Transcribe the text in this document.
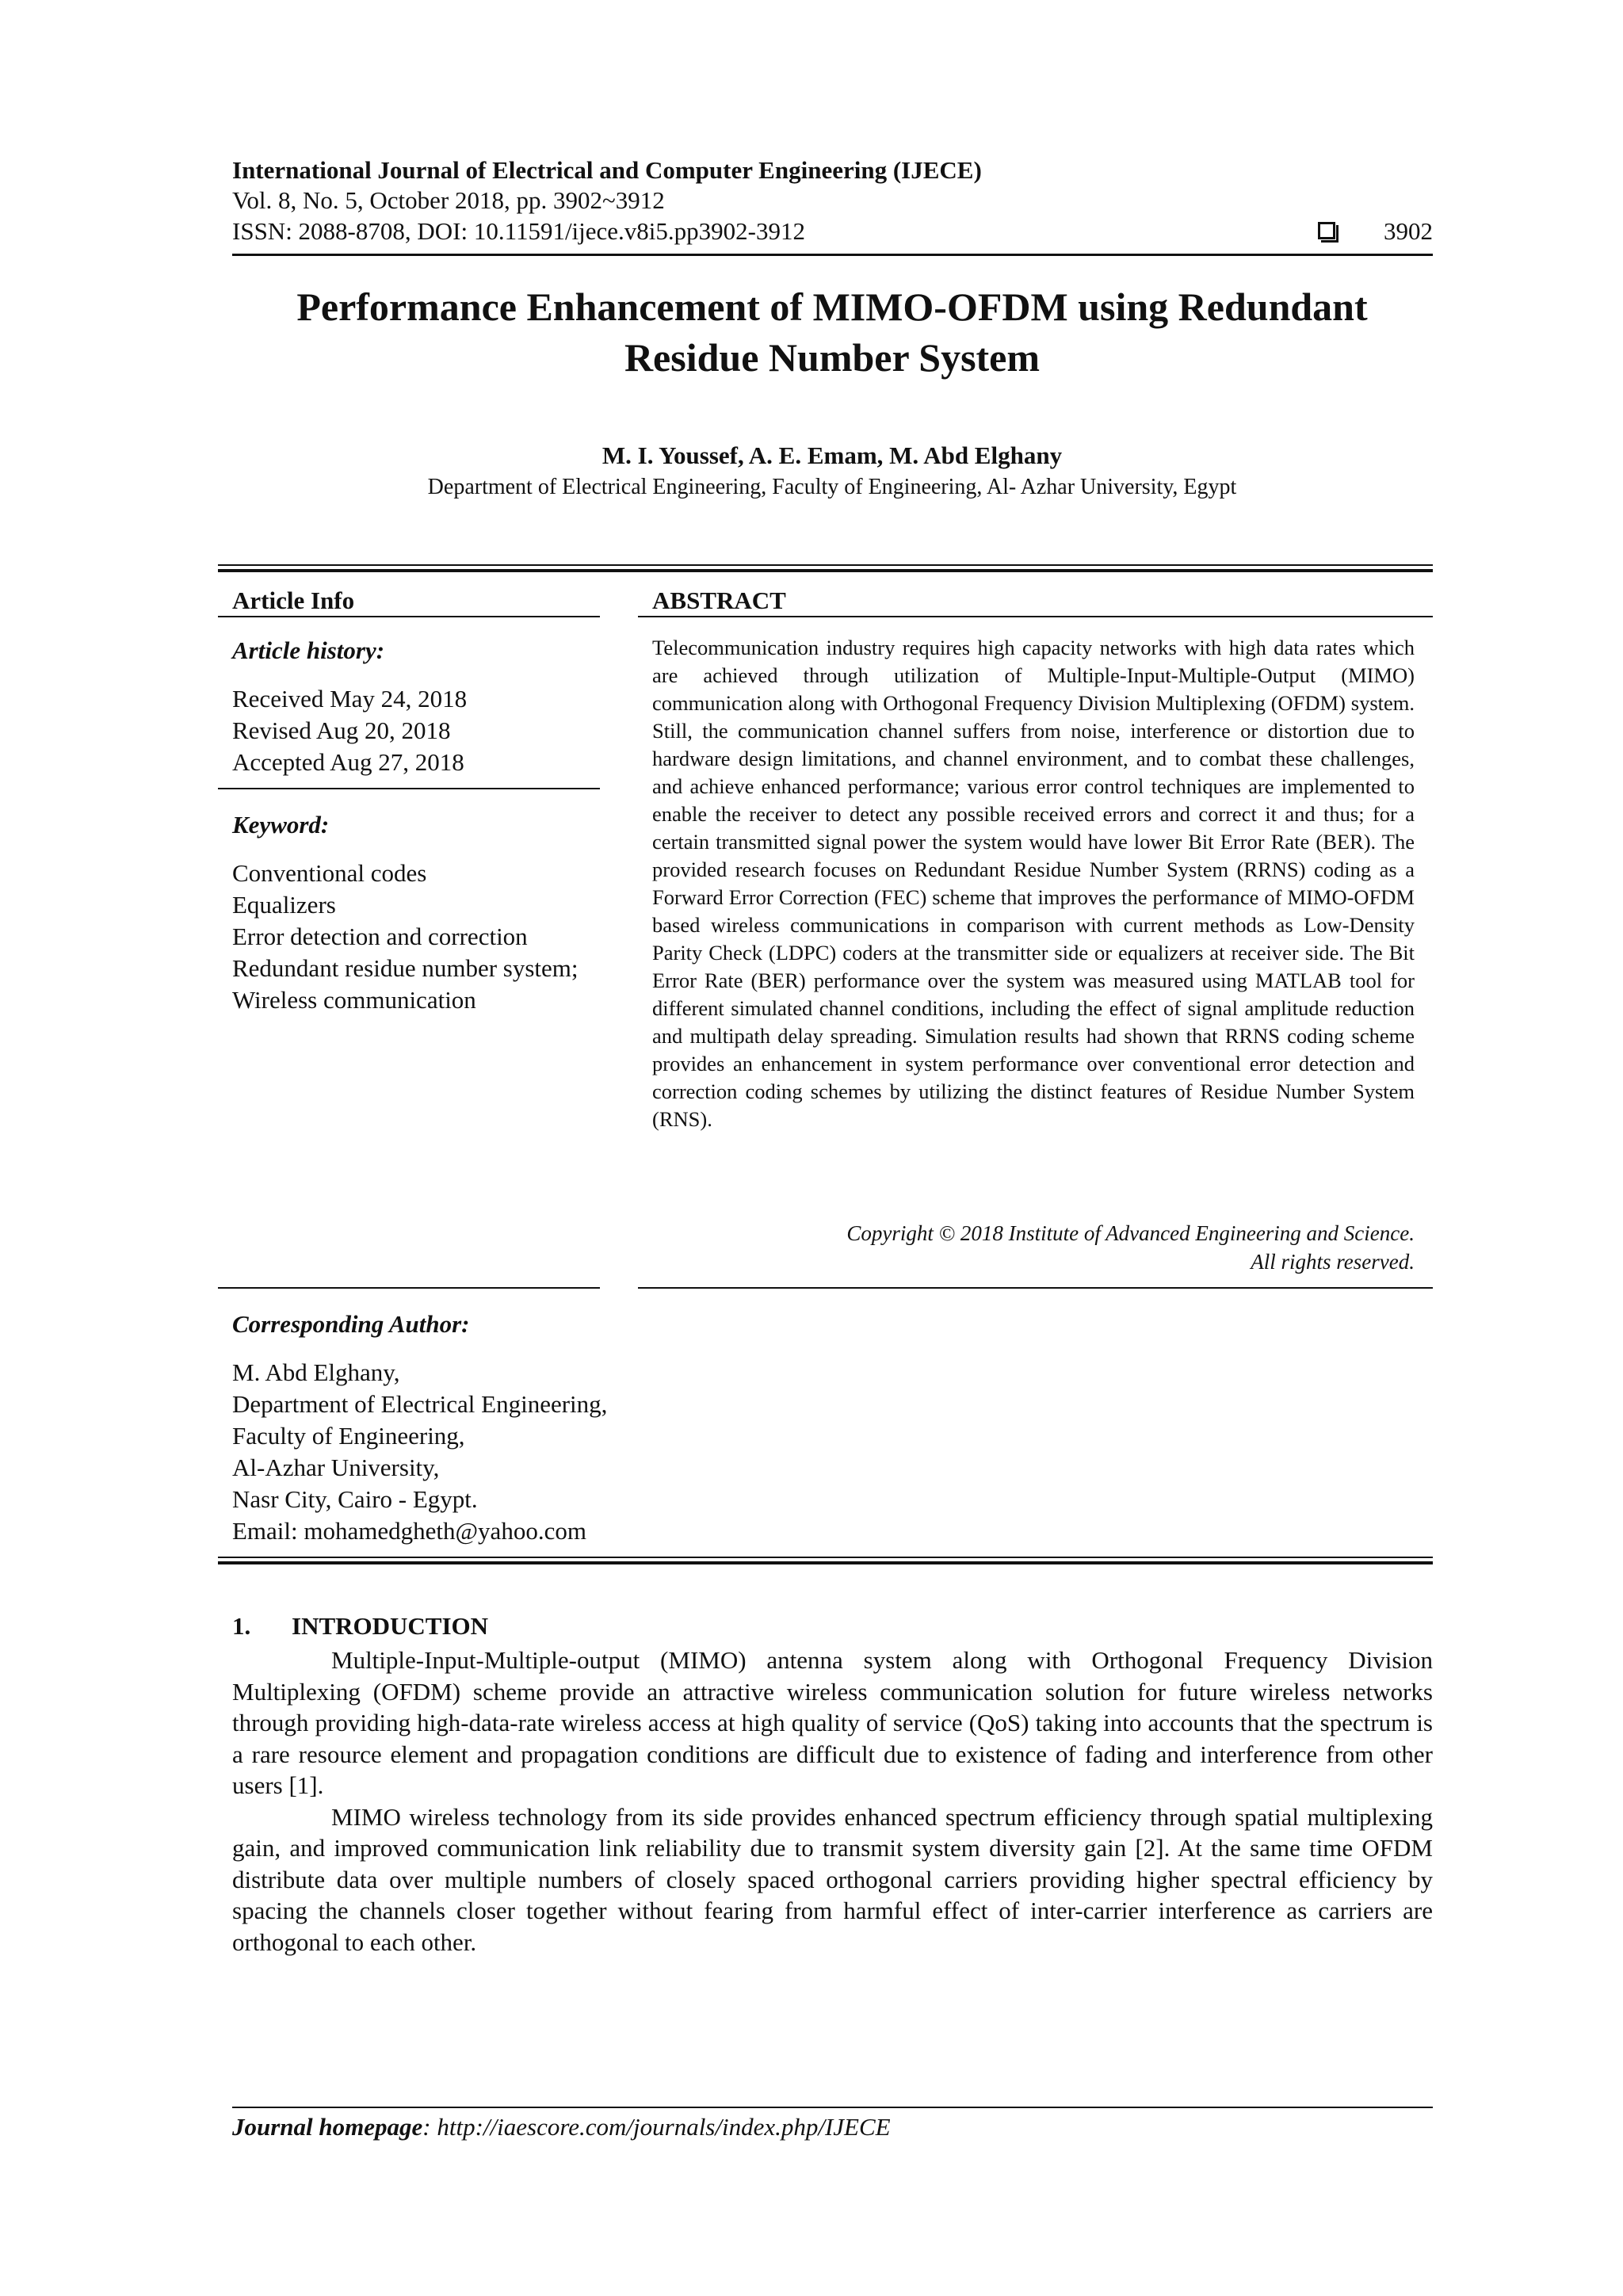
International Journal of Electrical and Computer Engineering (IJECE)
Vol. 8, No. 5, October 2018, pp. 3902~3912
ISSN: 2088-8708, DOI: 10.11591/ijece.v8i5.pp3902-3912	3902
Performance Enhancement of MIMO-OFDM using Redundant
Residue Number System
M. I. Youssef, A. E. Emam, M. Abd Elghany
Department of Electrical Engineering, Faculty of Engineering, Al- Azhar University, Egypt
Article Info
Article history:
Received May 24, 2018
Revised Aug 20, 2018
Accepted Aug 27, 2018
Keyword:
Conventional codes
Equalizers
Error detection and correction
Redundant residue number system;
Wireless communication
ABSTRACT
Telecommunication industry requires high capacity networks with high data rates which are achieved through utilization of Multiple-Input-Multiple-Output (MIMO) communication along with Orthogonal Frequency Division Multiplexing (OFDM) system. Still, the communication channel suffers from noise, interference or distortion due to hardware design limitations, and channel environment, and to combat these challenges, and achieve enhanced performance; various error control techniques are implemented to enable the receiver to detect any possible received errors and correct it and thus; for a certain transmitted signal power the system would have lower Bit Error Rate (BER). The provided research focuses on Redundant Residue Number System (RRNS) coding as a Forward Error Correction (FEC) scheme that improves the performance of MIMO-OFDM based wireless communications in comparison with current methods as Low-Density Parity Check (LDPC) coders at the transmitter side or equalizers at receiver side. The Bit Error Rate (BER) performance over the system was measured using MATLAB tool for different simulated channel conditions, including the effect of signal amplitude reduction and multipath delay spreading. Simulation results had shown that RRNS coding scheme provides an enhancement in system performance over conventional error detection and correction coding schemes by utilizing the distinct features of Residue Number System (RNS).
Copyright © 2018 Institute of Advanced Engineering and Science.
All rights reserved.
Corresponding Author:
M. Abd Elghany,
Department of Electrical Engineering,
Faculty of Engineering,
Al-Azhar University,
Nasr City, Cairo - Egypt.
Email: mohamedgheth@yahoo.com
1. INTRODUCTION

Multiple-Input-Multiple-output (MIMO) antenna system along with Orthogonal Frequency Division Multiplexing (OFDM) scheme provide an attractive wireless communication solution for future wireless networks through providing high-data-rate wireless access at high quality of service (QoS) taking into accounts that the spectrum is a rare resource element and propagation conditions are difficult due to existence of fading and interference from other users [1].

MIMO wireless technology from its side provides enhanced spectrum efficiency through spatial multiplexing gain, and improved communication link reliability due to transmit system diversity gain [2]. At the same time OFDM distribute data over multiple numbers of closely spaced orthogonal carriers providing higher spectral efficiency by spacing the channels closer together without fearing from harmful effect of inter-carrier interference as carriers are orthogonal to each other.

Journal homepage: http://iaescore.com/journals/index.php/IJECE
